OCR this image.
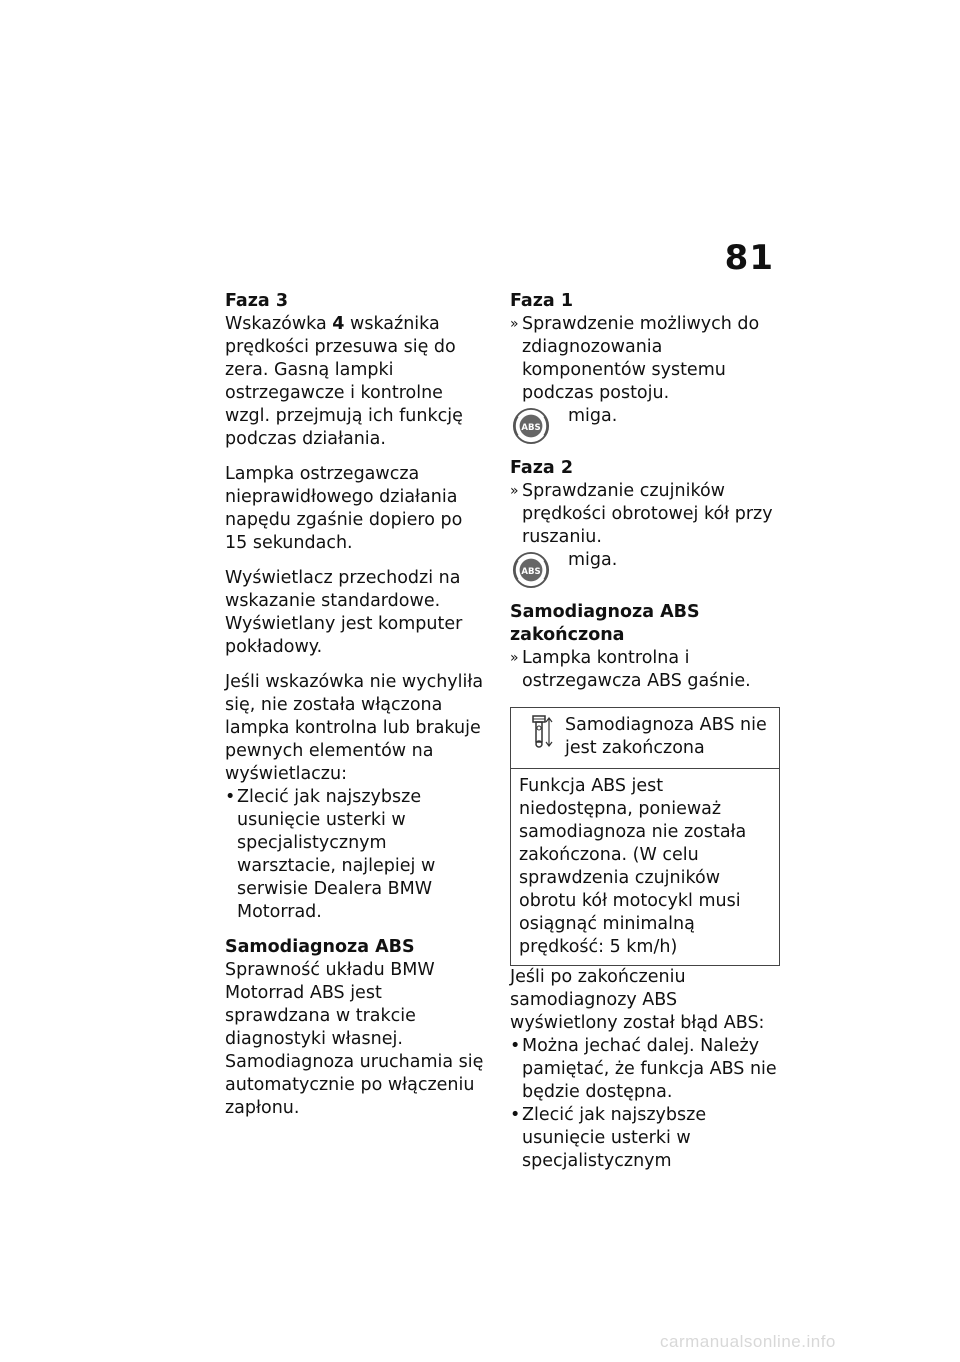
81

Faza 3

Wskazówka 4 wskaźnika prędkości przesuwa się do zera. Gasną lampki ostrzegawcze i kontrolne wzgl. przejmują ich funkcję podczas działania.

Lampka ostrzegawcza nieprawidłowego działania napędu zgaśnie dopiero po 15 sekundach.

Wyświetlacz przechodzi na wskazanie standardowe. Wyświetlany jest komputer pokładowy.

Jeśli wskazówka nie wychyliła się, nie została włączona lampka kontrolna lub brakuje pewnych elementów na wyświetlaczu:

• Zlecić jak najszybsze usunięcie usterki w specjalistycznym warsztacie, najlepiej w serwisie Dealera BMW Motorrad.

Samodiagnoza ABS

Sprawność układu BMW Motorrad ABS jest sprawdzana w trakcie diagnostyki własnej. Samodiagnoza uruchamia się automatycznie po włączeniu zapłonu.

Faza 1

» Sprawdzenie możliwych do zdiagnozowania komponentów systemu podczas postoju.

ABS
miga.

Faza 2

» Sprawdzanie czujników prędkości obrotowej kół przy ruszaniu.

ABS
miga.

Samodiagnoza ABS zakończona

» Lampka kontrolna i ostrzegawcza ABS gaśnie.

Samodiagnoza ABS nie jest zakończona
Funkcja ABS jest niedostępna, ponieważ samodiagnoza nie została zakończona. (W celu sprawdzenia czujników obrotu kół motocykl musi osiągnąć minimalną prędkość: 5 km/h)

Jeśli po zakończeniu samodiagnozy ABS wyświetlony został błąd ABS:

• Można jechać dalej. Należy pamiętać, że funkcja ABS nie będzie dostępna.

• Zlecić jak najszybsze usunięcie usterki w specjalistycznym

carmanualsonline.info
